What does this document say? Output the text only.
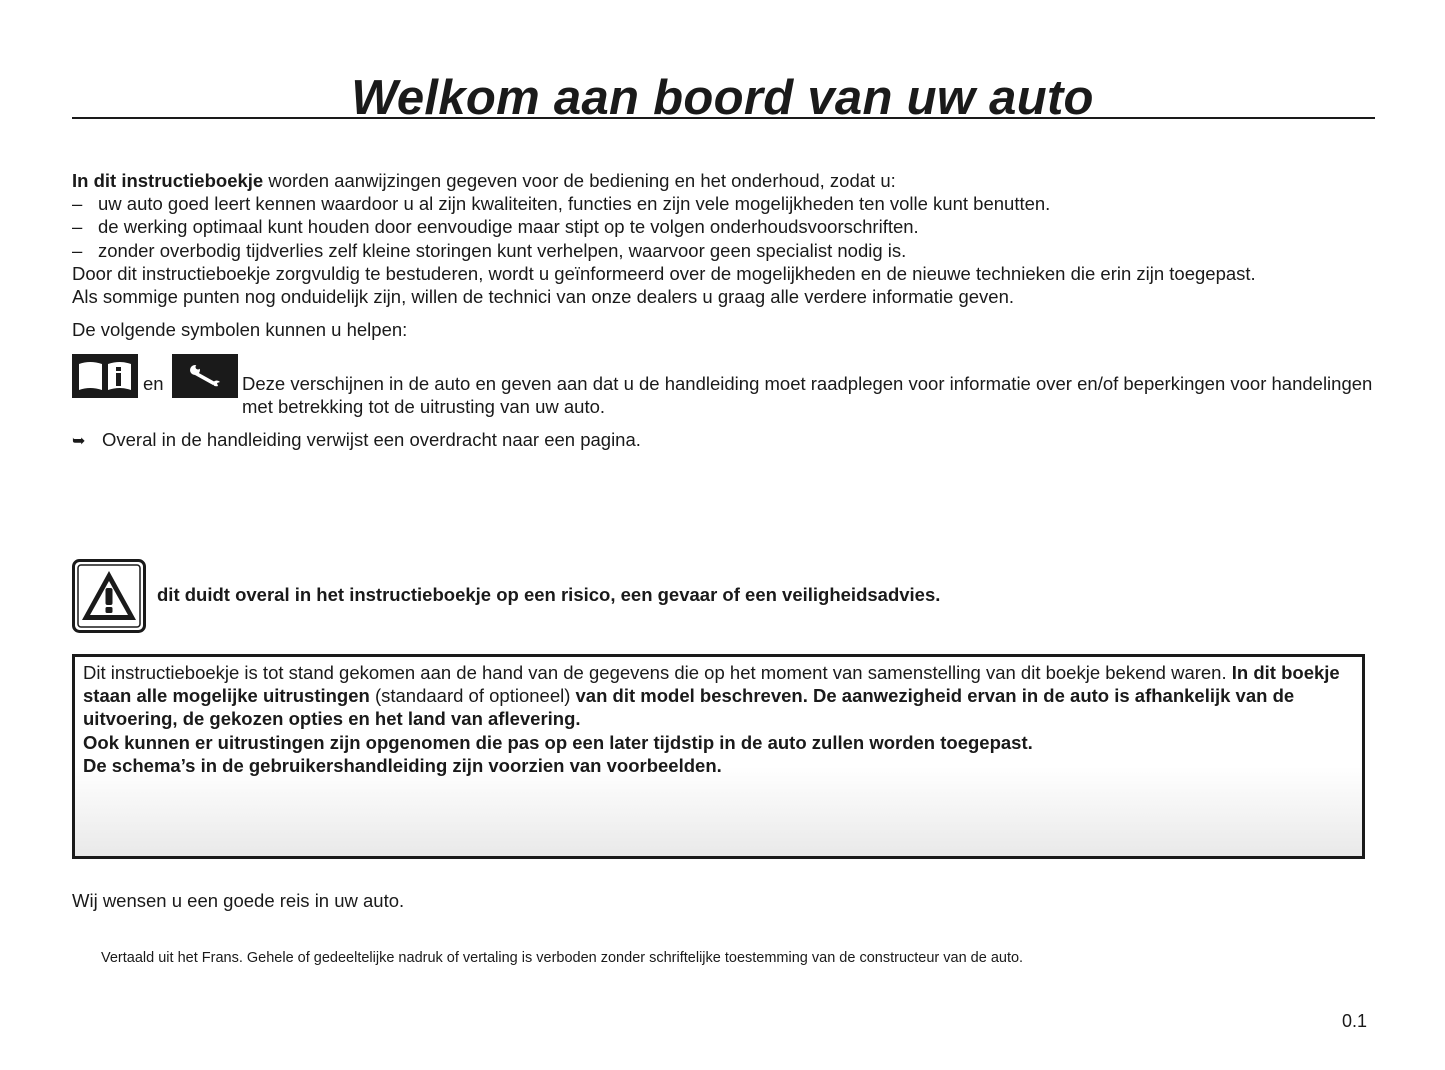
Welkom aan boord van uw auto

In dit instructieboekje worden aanwijzingen gegeven voor de bediening en het onderhoud, zodat u:

– uw auto goed leert kennen waardoor u al zijn kwaliteiten, functies en zijn vele mogelijkheden ten volle kunt benutten.
– de werking optimaal kunt houden door eenvoudige maar stipt op te volgen onderhoudsvoorschriften.
– zonder overbodig tijdverlies zelf kleine storingen kunt verhelpen, waarvoor geen specialist nodig is.

Door dit instructieboekje zorgvuldig te bestuderen, wordt u geïnformeerd over de mogelijkheden en de nieuwe technieken die erin zijn toegepast.

Als sommige punten nog onduidelijk zijn, willen de technici van onze dealers u graag alle verdere informatie geven.

De volgende symbolen kunnen u helpen:
en	Deze verschijnen in de auto en geven aan dat u de handleiding moet raadplegen voor informatie over en/of beperkingen voor handelingen met betrekking tot de uitrusting van uw auto.
➥ Overal in de handleiding verwijst een overdracht naar een pagina.
dit duidt overal in het instructieboekje op een risico, een gevaar of een veiligheidsadvies.

Dit instructieboekje is tot stand gekomen aan de hand van de gegevens die op het moment van samenstelling van dit boekje bekend waren. In dit boekje staan alle mogelijke uitrustingen (standaard of optioneel) van dit model beschreven. De aanwezigheid ervan in de auto is afhankelijk van de uitvoering, de gekozen opties en het land van aflevering.

Ook kunnen er uitrustingen zijn opgenomen die pas op een later tijdstip in de auto zullen worden toegepast.

De schema’s in de gebruikershandleiding zijn voorzien van voorbeelden.

Wij wensen u een goede reis in uw auto.
Vertaald uit het Frans. Gehele of gedeeltelijke nadruk of vertaling is verboden zonder schriftelijke toestemming van de constructeur van de auto.
0.1
